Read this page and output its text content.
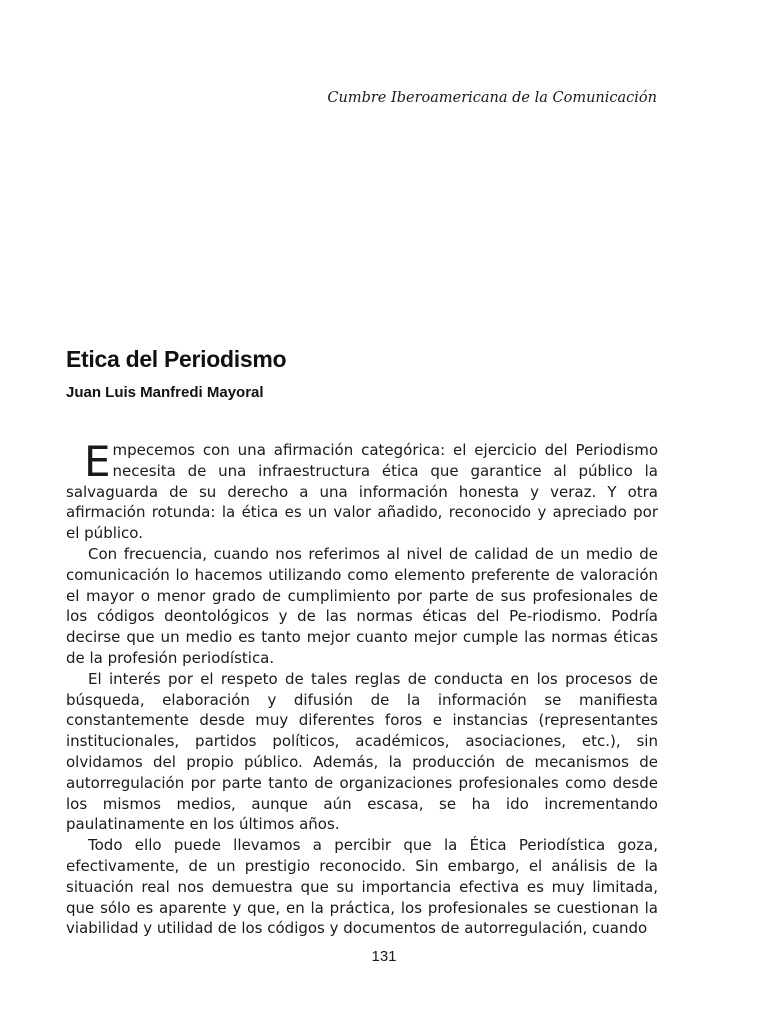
Cumbre Iberoamericana de la Comunicación
Etica del Periodismo
Juan Luis Manfredi Mayoral

Empecemos con una afirmación categórica: el ejercicio del Periodismo necesita de una infraestructura ética que garantice al público la salvaguarda de su derecho a una información honesta y veraz. Y otra afirmación rotunda: la ética es un valor añadido, reconocido y apreciado por el público.

Con frecuencia, cuando nos referimos al nivel de calidad de un medio de comunicación lo hacemos utilizando como elemento preferente de valoración el mayor o menor grado de cumplimiento por parte de sus profesionales de los códigos deontológicos y de las normas éticas del Pe-riodismo. Podría decirse que un medio es tanto mejor cuanto mejor cumple las normas éticas de la profesión periodística.

El interés por el respeto de tales reglas de conducta en los procesos de búsqueda, elaboración y difusión de la información se manifiesta constantemente desde muy diferentes foros e instancias (representantes institucionales, partidos políticos, académicos, asociaciones, etc.), sin olvidamos del propio público. Además, la producción de mecanismos de autorregulación por parte tanto de organizaciones profesionales como desde los mismos medios, aunque aún escasa, se ha ido incrementando paulatinamente en los últimos años.

Todo ello puede llevamos a percibir que la Ética Periodística goza, efectivamente, de un prestigio reconocido. Sin embargo, el análisis de la situación real nos demuestra que su importancia efectiva es muy limitada, que sólo es aparente y que, en la práctica, los profesionales se cuestionan la viabilidad y utilidad de los códigos y documentos de autorregulación, cuando

131
